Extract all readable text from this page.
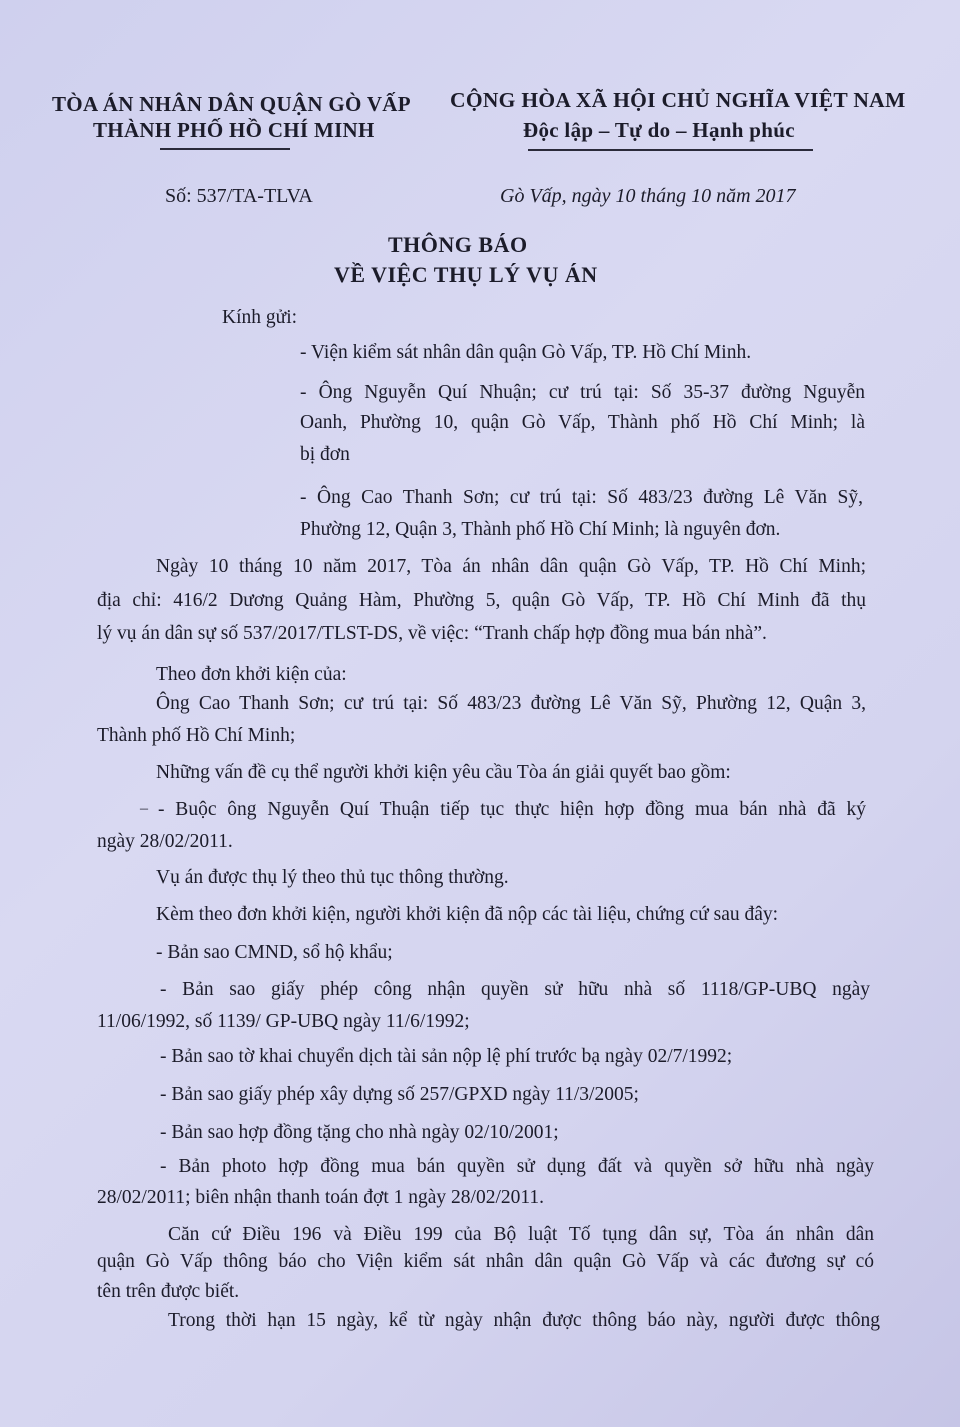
TÒA ÁN NHÂN DÂN QUẬN GÒ VẤP
THÀNH PHỐ HỒ CHÍ MINH
CỘNG HÒA XÃ HỘI CHỦ NGHĨA VIỆT NAM
Độc lập – Tự do – Hạnh phúc
Số: 537/TA-TLVA	Gò Vấp, ngày 10 tháng 10 năm 2017
THÔNG BÁO
VỀ VIỆC THỤ LÝ VỤ ÁN
Kính gửi:
- Viện kiểm sát nhân dân quận Gò Vấp, TP. Hồ Chí Minh.
- Ông Nguyễn Quí Nhuận; cư trú tại: Số 35-37 đường Nguyễn
Oanh, Phường 10, quận Gò Vấp, Thành phố Hồ Chí Minh; là
bị đơn
- Ông Cao Thanh Sơn; cư trú tại: Số 483/23 đường Lê Văn Sỹ,
Phường 12, Quận 3, Thành phố Hồ Chí Minh; là nguyên đơn.
Ngày 10 tháng 10 năm 2017, Tòa án nhân dân quận Gò Vấp, TP. Hồ Chí Minh;
địa chỉ: 416/2 Dương Quảng Hàm, Phường 5, quận Gò Vấp, TP. Hồ Chí Minh đã thụ
lý vụ án dân sự số 537/2017/TLST-DS, về việc: “Tranh chấp hợp đồng mua bán nhà”.
Theo đơn khởi kiện của:
Ông Cao Thanh Sơn; cư trú tại: Số 483/23 đường Lê Văn Sỹ, Phường 12, Quận 3,
Thành phố Hồ Chí Minh;
Những vấn đề cụ thể người khởi kiện yêu cầu Tòa án giải quyết bao gồm:
– - Buộc ông Nguyễn Quí Thuận tiếp tục thực hiện hợp đồng mua bán nhà đã ký
ngày 28/02/2011.
Vụ án được thụ lý theo thủ tục thông thường.
Kèm theo đơn khởi kiện, người khởi kiện đã nộp các tài liệu, chứng cứ sau đây:
- Bản sao CMND, sổ hộ khẩu;
- Bản sao giấy phép công nhận quyền sử hữu nhà số 1118/GP-UBQ ngày
11/06/1992, số 1139/ GP-UBQ ngày 11/6/1992;
- Bản sao tờ khai chuyển dịch tài sản nộp lệ phí trước bạ ngày 02/7/1992;
- Bản sao giấy phép xây dựng số 257/GPXD ngày 11/3/2005;
- Bản sao hợp đồng tặng cho nhà ngày 02/10/2001;
- Bản photo hợp đồng mua bán quyền sử dụng đất và quyền sở hữu nhà ngày
28/02/2011; biên nhận thanh toán đợt 1 ngày 28/02/2011.
Căn cứ Điều 196 và Điều 199 của Bộ luật Tố tụng dân sự, Tòa án nhân dân
quận Gò Vấp thông báo cho Viện kiểm sát nhân dân quận Gò Vấp và các đương sự có
tên trên được biết.
Trong thời hạn 15 ngày, kể từ ngày nhận được thông báo này, người được thông
